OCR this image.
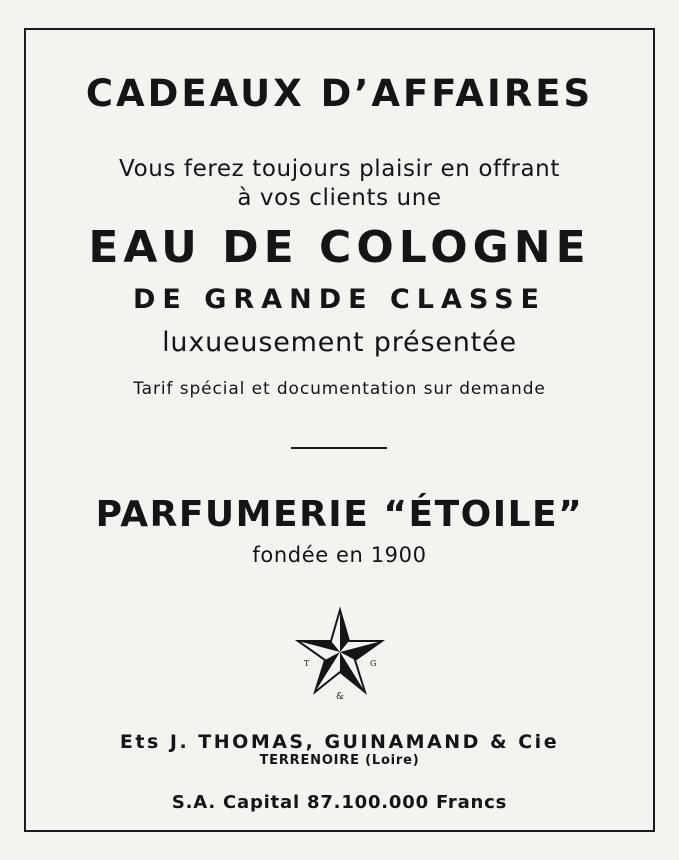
CADEAUX D’AFFAIRES
Vous ferez toujours plaisir en offrant
à vos clients une
EAU DE COLOGNE
DE GRANDE CLASSE
luxueusement présentée
Tarif spécial et documentation sur demande
PARFUMERIE “ÉTOILE”
fondée en 1900
T	G
&
Ets J. THOMAS, GUINAMAND & Cie
TERRENOIRE (Loire)
S.A. Capital 87.100.000 Francs
